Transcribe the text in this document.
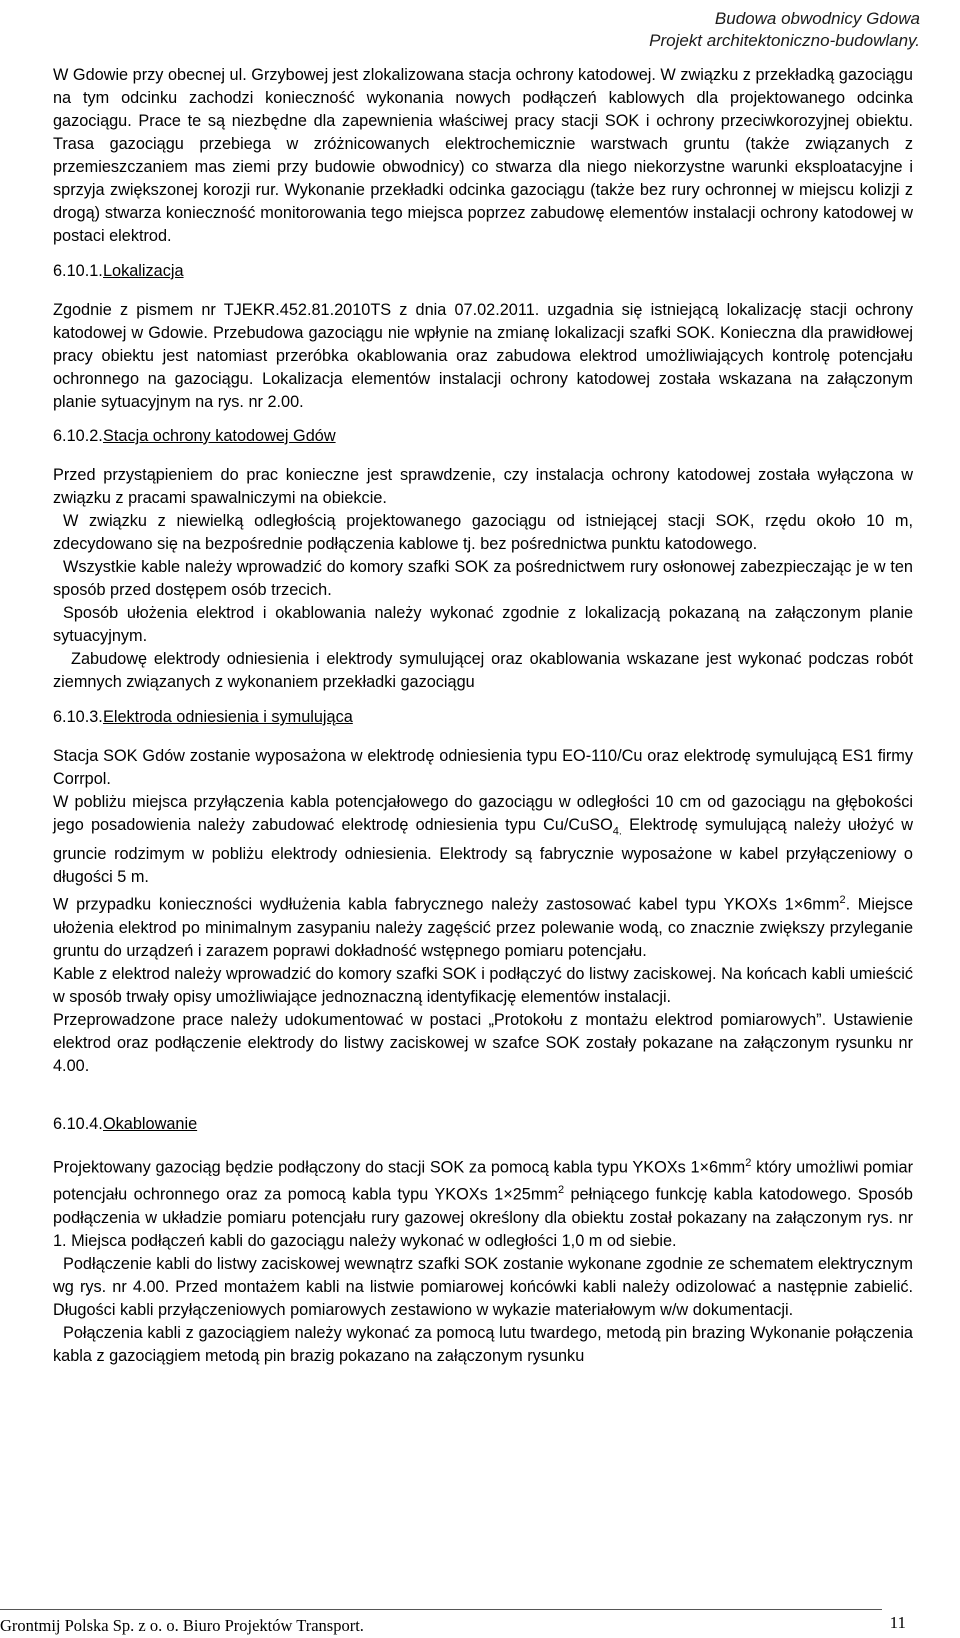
Budowa obwodnicy Gdowa
Projekt architektoniczno-budowlany.

W Gdowie przy obecnej ul. Grzybowej jest zlokalizowana stacja ochrony katodowej. W związku z przekładką gazociągu na tym odcinku zachodzi konieczność wykonania nowych podłączeń kablowych dla projektowanego odcinka gazociągu. Prace te są niezbędne dla zapewnienia właściwej pracy stacji SOK i ochrony przeciwkorozyjnej obiektu. Trasa gazociągu przebiega w zróżnicowanych elektrochemicznie warstwach gruntu (także związanych z przemieszczaniem mas ziemi przy budowie obwodnicy) co stwarza dla niego niekorzystne warunki eksploatacyjne i sprzyja zwiększonej korozji rur. Wykonanie przekładki odcinka gazociągu (także bez rury ochronnej w miejscu kolizji z drogą) stwarza konieczność monitorowania tego miejsca poprzez zabudowę elementów instalacji ochrony katodowej w postaci elektrod.

6.10.1.Lokalizacja

Zgodnie z pismem nr TJEKR.452.81.2010TS z dnia 07.02.2011. uzgadnia się istniejącą lokalizację stacji ochrony katodowej w Gdowie. Przebudowa gazociągu nie wpłynie na zmianę lokalizacji szafki SOK. Konieczna dla prawidłowej pracy obiektu jest natomiast przeróbka okablowania oraz zabudowa elektrod umożliwiających kontrolę potencjału ochronnego na gazociągu. Lokalizacja elementów instalacji ochrony katodowej została wskazana na załączonym planie sytuacyjnym na rys. nr 2.00.

6.10.2.Stacja ochrony katodowej Gdów

Przed przystąpieniem do prac konieczne jest sprawdzenie, czy instalacja ochrony katodowej została wyłączona w związku z pracami spawalniczymi na obiekcie.

W związku z niewielką odległością projektowanego gazociągu od istniejącej stacji SOK, rzędu około 10 m, zdecydowano się na bezpośrednie podłączenia kablowe tj. bez pośrednictwa punktu katodowego.

Wszystkie kable należy wprowadzić do komory szafki SOK za pośrednictwem rury osłonowej zabezpieczając je w ten sposób przed dostępem osób trzecich.

Sposób ułożenia elektrod i okablowania należy wykonać zgodnie z lokalizacją pokazaną na załączonym planie sytuacyjnym.

Zabudowę elektrody odniesienia i elektrody symulującej oraz okablowania wskazane jest wykonać podczas robót ziemnych związanych z wykonaniem przekładki gazociągu

6.10.3.Elektroda odniesienia i symulująca

Stacja SOK Gdów zostanie wyposażona w elektrodę odniesienia typu EO-110/Cu oraz elektrodę symulującą ES1 firmy Corrpol.

W pobliżu miejsca przyłączenia kabla potencjałowego do gazociągu w odległości 10 cm od gazociągu na głębokości jego posadowienia należy zabudować elektrodę odniesienia typu Cu/CuSO$_{4.}$ Elektrodę symulującą należy ułożyć w gruncie rodzimym w pobliżu elektrody odniesienia. Elektrody są fabrycznie wyposażone w kabel przyłączeniowy o długości 5 m.

W przypadku konieczności wydłużenia kabla fabrycznego należy zastosować kabel typu YKOXs $1\times 6mm^2$. Miejsce ułożenia elektrod po minimalnym zasypaniu należy zagęścić przez polewanie wodą, co znacznie zwiększy przyleganie gruntu do urządzeń i zarazem poprawi dokładność wstępnego pomiaru potencjału.

Kable z elektrod należy wprowadzić do komory szafki SOK i podłączyć do listwy zaciskowej. Na końcach kabli umieścić w sposób trwały opisy umożliwiające jednoznaczną identyfikację elementów instalacji.

Przeprowadzone prace należy udokumentować w postaci „Protokołu z montażu elektrod pomiarowych”. Ustawienie elektrod oraz podłączenie elektrody do listwy zaciskowej w szafce SOK zostały pokazane na załączonym rysunku nr 4.00.

6.10.4.Okablowanie

Projektowany gazociąg będzie podłączony do stacji SOK za pomocą kabla typu YKOXs $1\times 6mm^2$ który umożliwi pomiar potencjału ochronnego oraz za pomocą kabla typu YKOXs $1\times 25mm^2$ pełniącego funkcję kabla katodowego. Sposób podłączenia w układzie pomiaru potencjału rury gazowej określony dla obiektu został pokazany na załączonym rys. nr 1. Miejsca podłączeń kabli do gazociągu należy wykonać w odległości 1,0 m od siebie.

Podłączenie kabli do listwy zaciskowej wewnątrz szafki SOK zostanie wykonane zgodnie ze schematem elektrycznym wg rys. nr 4.00. Przed montażem kabli na listwie pomiarowej końcówki kabli należy odizolować a następnie zabielić. Długości kabli przyłączeniowych pomiarowych zestawiono w wykazie materiałowym w/w dokumentacji.

Połączenia kabli z gazociągiem należy wykonać za pomocą lutu twardego, metodą pin brazing Wykonanie połączenia kabla z gazociągiem metodą pin brazig pokazano na załączonym rysunku

Grontmij Polska Sp. z o. o. Biuro Projektów Transport.	11
